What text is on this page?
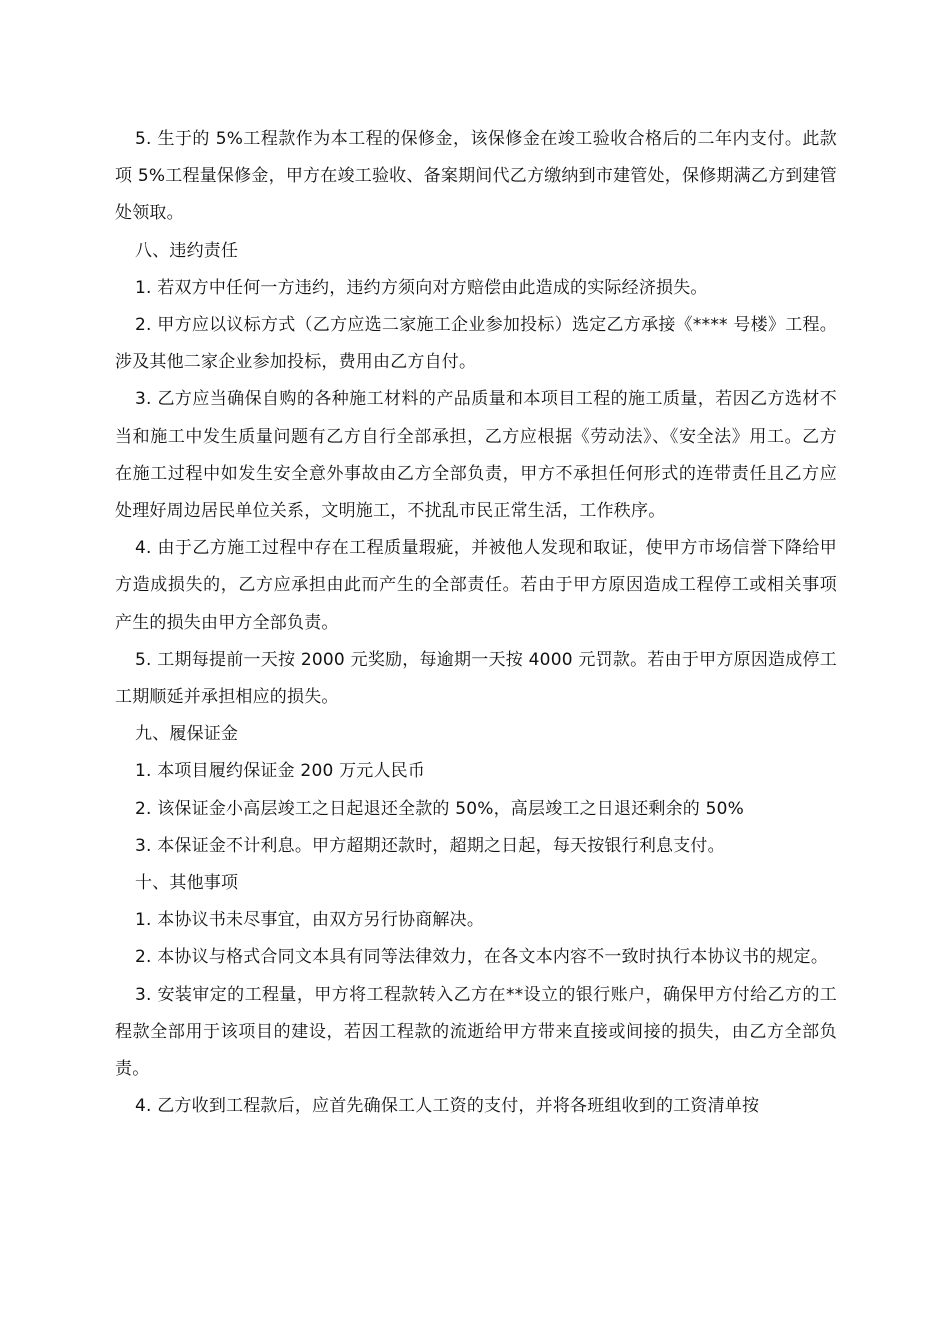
5. 生于的 5%工程款作为本工程的保修金，该保修金在竣工验收合格后的二年内支付。此款项 5%工程量保修金，甲方在竣工验收、备案期间代乙方缴纳到市建管处，保修期满乙方到建管处领取。

八、违约责任

1. 若双方中任何一方违约，违约方须向对方赔偿由此造成的实际经济损失。

2. 甲方应以议标方式（乙方应选二家施工企业参加投标）选定乙方承接《**** 号楼》工程。涉及其他二家企业参加投标，费用由乙方自付。

3. 乙方应当确保自购的各种施工材料的产品质量和本项目工程的施工质量，若因乙方选材不当和施工中发生质量问题有乙方自行全部承担，乙方应根据《劳动法》、《安全法》用工。乙方在施工过程中如发生安全意外事故由乙方全部负责，甲方不承担任何形式的连带责任且乙方应处理好周边居民单位关系，文明施工，不扰乱市民正常生活，工作秩序。

4. 由于乙方施工过程中存在工程质量瑕疵，并被他人发现和取证，使甲方市场信誉下降给甲方造成损失的，乙方应承担由此而产生的全部责任。若由于甲方原因造成工程停工或相关事项产生的损失由甲方全部负责。

5. 工期每提前一天按 2000 元奖励，每逾期一天按 4000 元罚款。若由于甲方原因造成停工工期顺延并承担相应的损失。

九、履保证金

1. 本项目履约保证金 200 万元人民币

2. 该保证金小高层竣工之日起退还全款的 50%，高层竣工之日退还剩余的 50%

3. 本保证金不计利息。甲方超期还款时，超期之日起，每天按银行利息支付。

十、其他事项

1. 本协议书未尽事宜，由双方另行协商解决。

2. 本协议与格式合同文本具有同等法律效力，在各文本内容不一致时执行本协议书的规定。

3. 安装审定的工程量，甲方将工程款转入乙方在**设立的银行账户，确保甲方付给乙方的工程款全部用于该项目的建设，若因工程款的流逝给甲方带来直接或间接的损失，由乙方全部负责。

4. 乙方收到工程款后，应首先确保工人工资的支付，并将各班组收到的工资清单按
